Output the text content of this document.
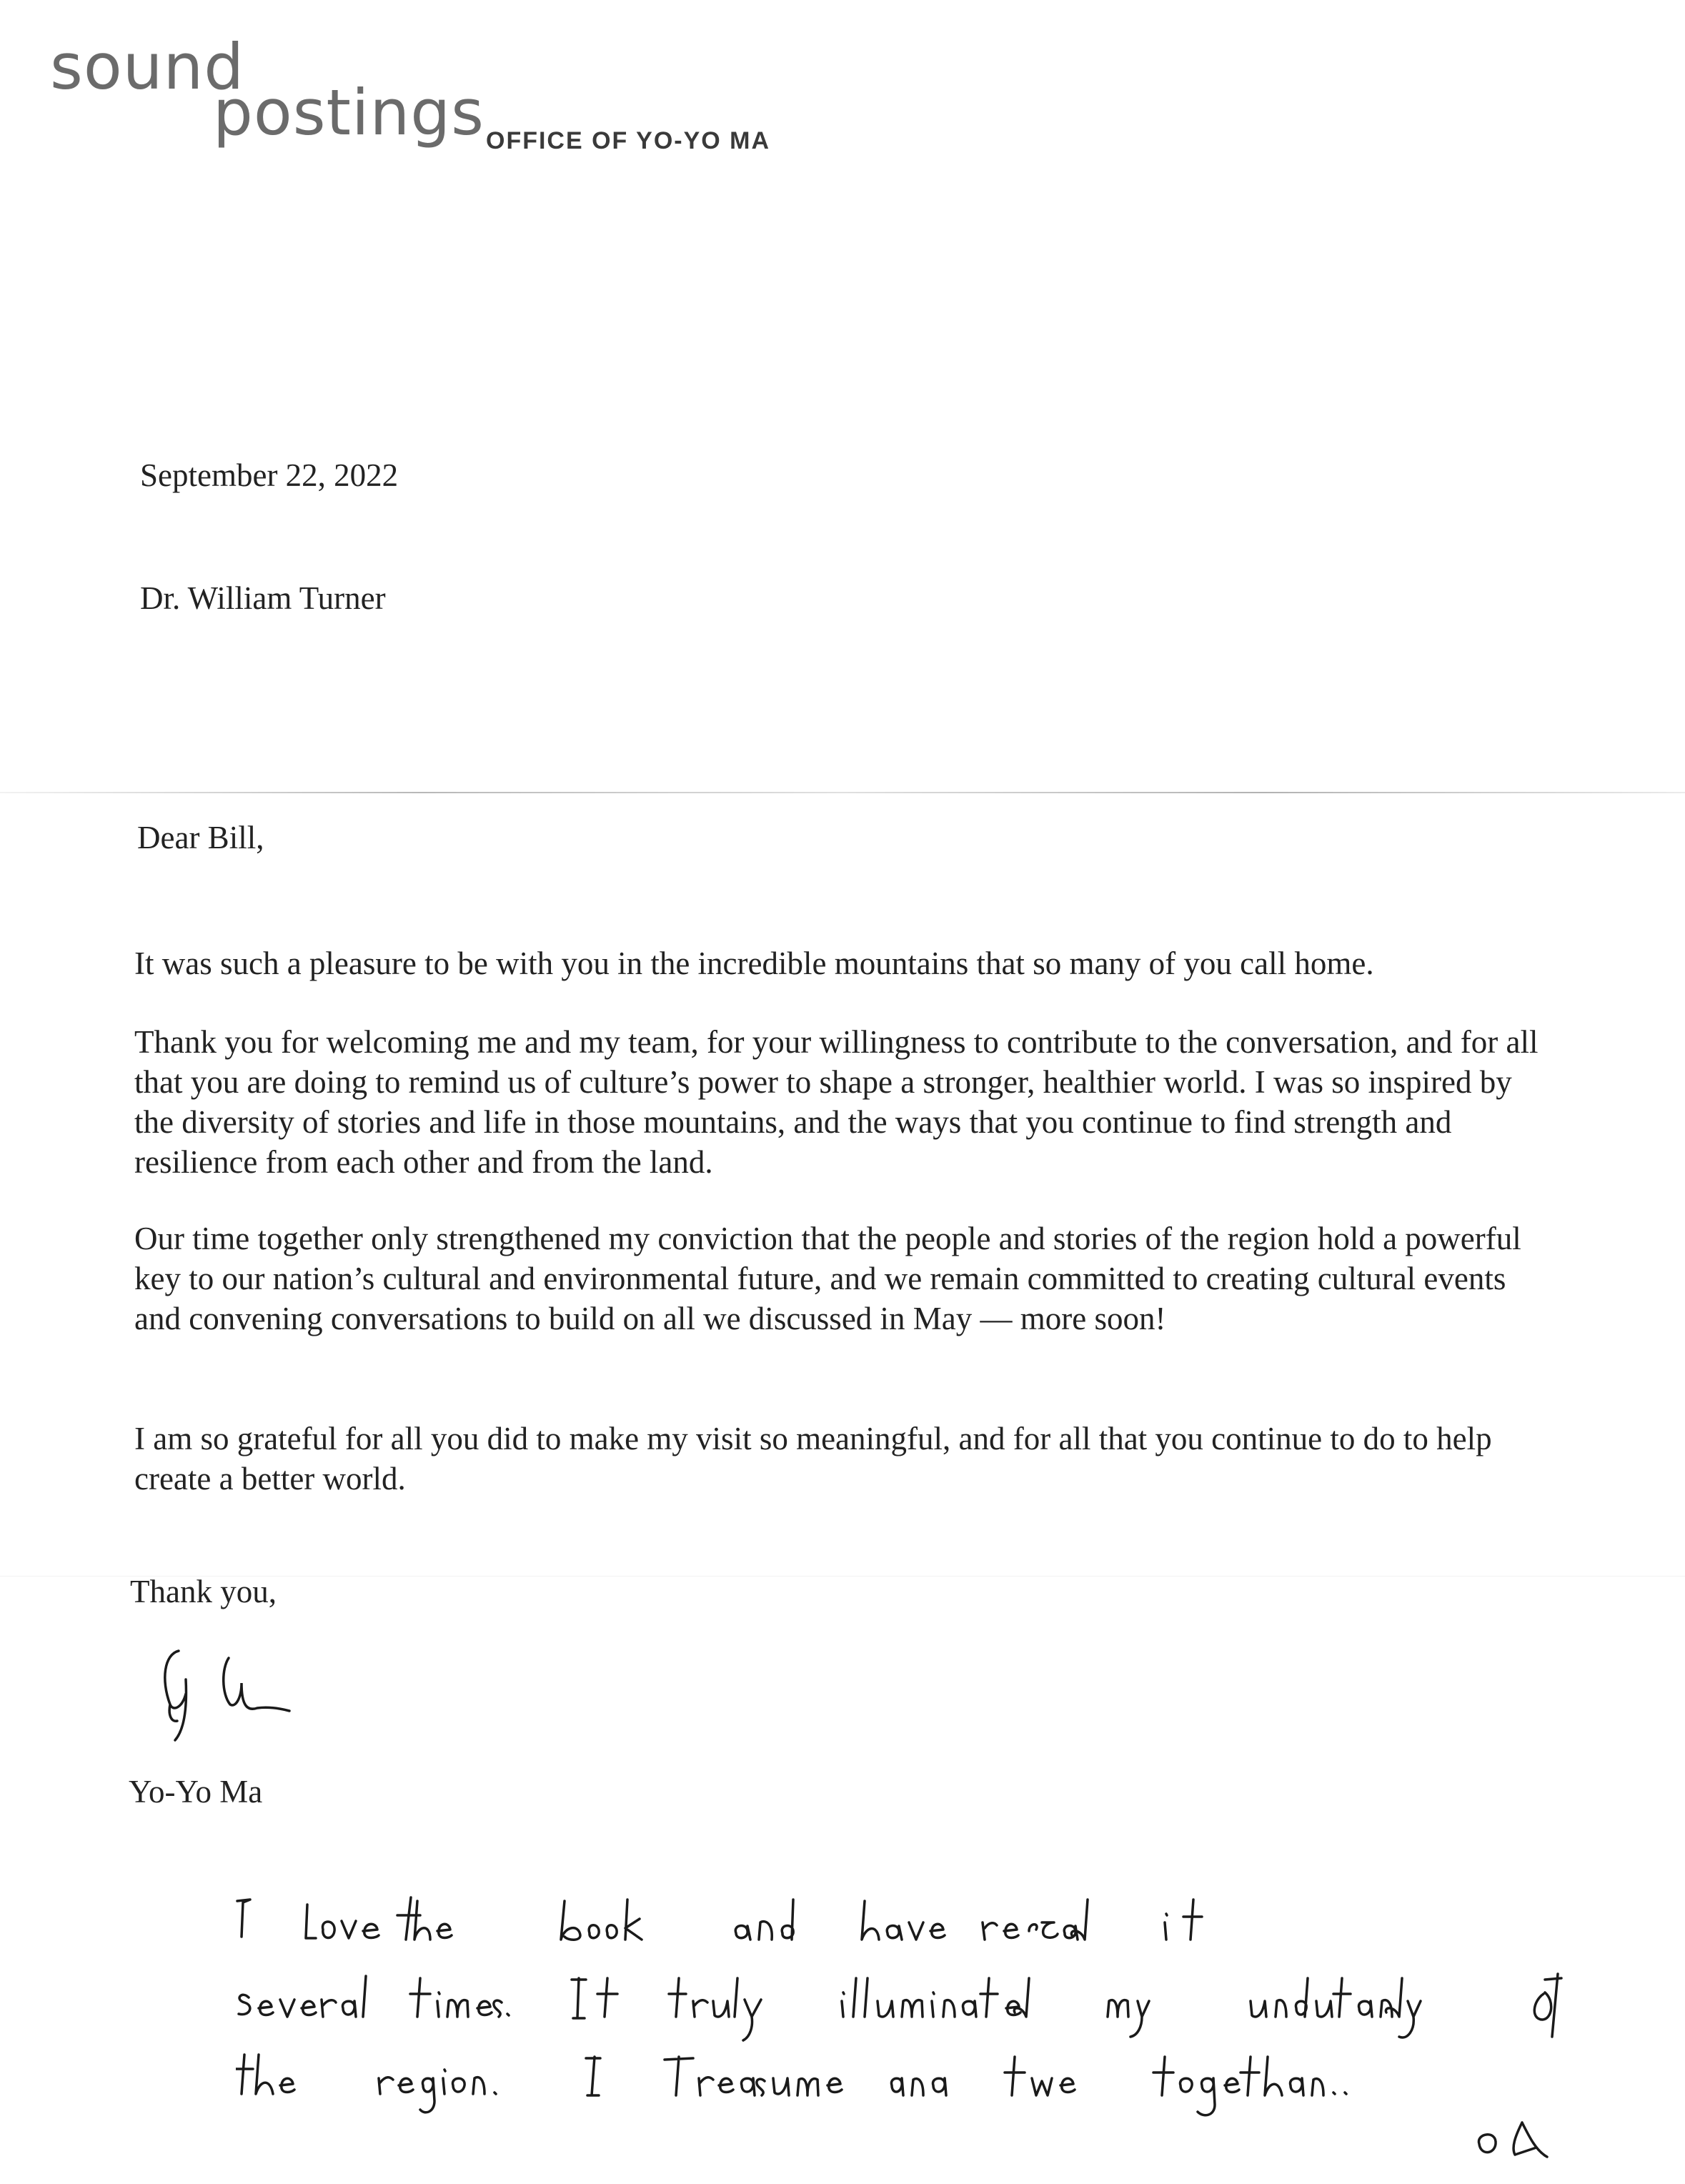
sound
postings OFFICE OF YO-YO MA
September 22, 2022
Dr. William Turner
Dear Bill,
It was such a pleasure to be with you in the incredible mountains that so many of you call home.
Thank you for welcoming me and my team, for your willingness to contribute to the conversation, and for all that you are doing to remind us of culture’s power to shape a stronger, healthier world. I was so inspired by the diversity of stories and life in those mountains, and the ways that you continue to find strength and resilience from each other and from the land.
Our time together only strengthened my conviction that the people and stories of the region hold a powerful key to our nation’s cultural and environmental future, and we remain committed to creating cultural events and convening conversations to build on all we discussed in May — more soon!
I am so grateful for all you did to make my visit so meaningful, and for all that you continue to do to help create a better world.
Thank you,
Yo-Yo Ma
